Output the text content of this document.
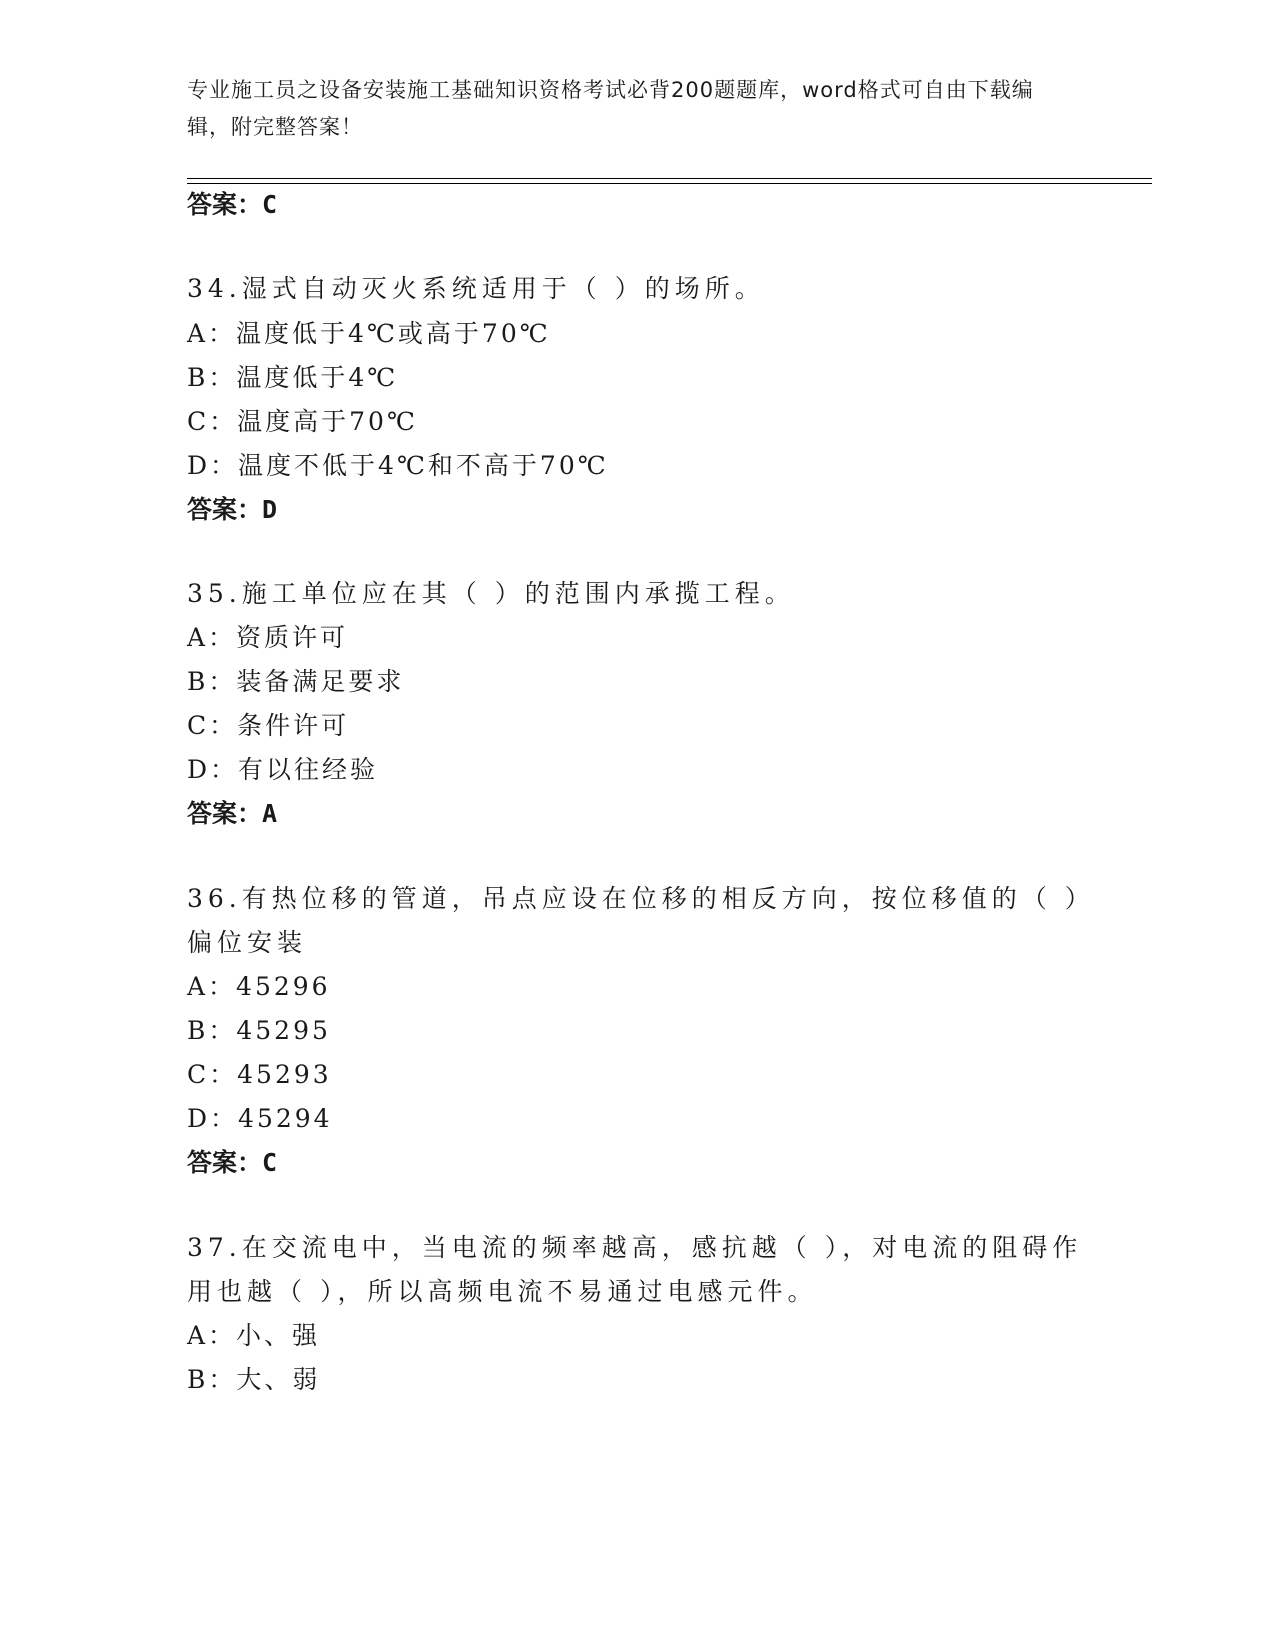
专业施工员之设备安装施工基础知识资格考试必背200题题库，word格式可自由下载编辑，附完整答案！

答案：C
34.湿式自动灭火系统适用于（ ）的场所。
A：温度低于4℃或高于70℃
B：温度低于4℃
C：温度高于70℃
D：温度不低于4℃和不高于70℃
答案：D
35.施工单位应在其（ ）的范围内承揽工程。
A：资质许可
B：装备满足要求
C：条件许可
D：有以往经验
答案：A
36.有热位移的管道，吊点应设在位移的相反方向，按位移值的（ ）
偏位安装
A：45296
B：45295
C：45293
D：45294
答案：C
37.在交流电中，当电流的频率越高，感抗越（ ），对电流的阻碍作
用也越（ ），所以高频电流不易通过电感元件。
A：小、强
B：大、弱
